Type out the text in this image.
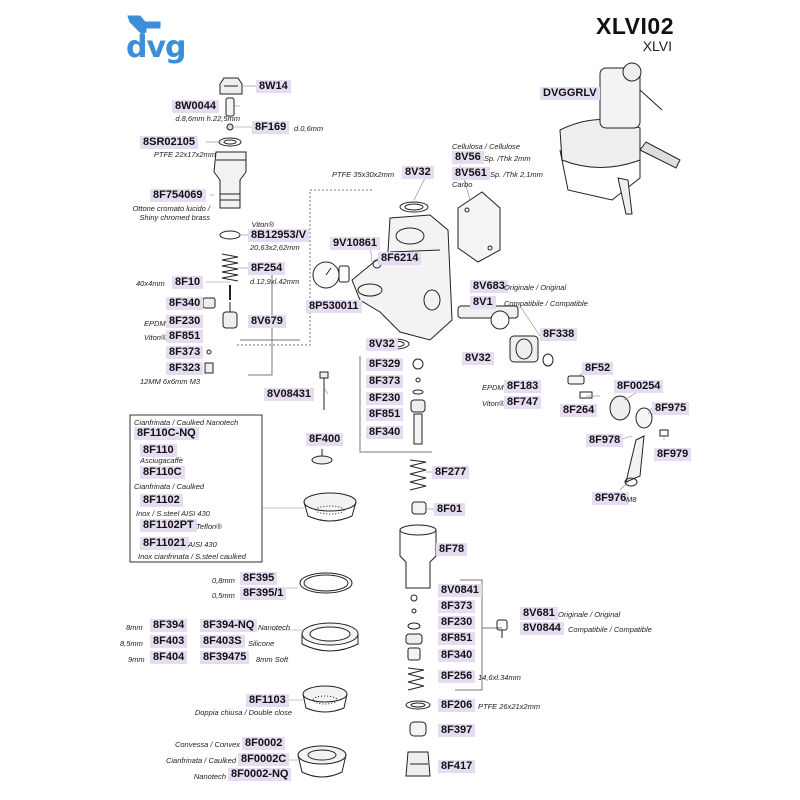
dvg
XLVI02
XLVI
8W14
8W0044
d.8,6mm h.22,5mm
8F169	d.0,6mm
8SR02105
PTFE 22x17x2mm
8F754069
Ottone cromato lucido /
Shiny chromed brass
Viton®
8B12953/V
20,63x2,62mm
8F254
d.12,9xl.42mm
40x4mm 8F10
8F340
EPDM 8F230
Viton® 8F851
8V679
8F373
8F323
12MM 6x6mm M3
PTFE 35x30x2mm 8V32
9V10861
8F6214
8P530011
Cellulosa / Cellulose
8V56 Sp. /Thk 2mm
8V561 Sp. /Thk 2,1mm
Carbo
DVGGRLV
8V683 Originale / Original
8V1	Compatibile / Compatible
8F338
8V32
8V32
8F52
EPDM 8F183	8F00254
Viton® 8F747
8F264	8F975
8F978
8F979
8F976 M8
8F329
8F373
8F230
8F851
8F340
8V08431
8F277
8F01
8F78
8F400
Cianfrinata / Caulked Nanotech
8F110C-NQ
8F110
Asciugacaffè
8F110C
Cianfrinata / Caulked
8F1102
Inox / S.steel AISI 430
8F1102PT Teflon®
8F11021 AISI 430
Inox cianfrinata / S.steel caulked
0,8mm 8F395
0,5mm 8F395/1
8mm 8F394 8F394-NQ Nanotech
8,5mm 8F403 8F403S Silicone
9mm 8F404 8F39475	8mm Soft
8V0841
8F373
8F230
8F851
8F340
8V681 Originale / Original
8V0844 Compatibile / Compatible
8F256 14,6xl.34mm
8F1103
Doppia chiusa / Double close
8F206 PTFE 26x21x2mm
8F397
Convessa / Convex 8F0002
Cianfrinata / Caulked 8F0002C
Nanotech 8F0002-NQ
8F417
